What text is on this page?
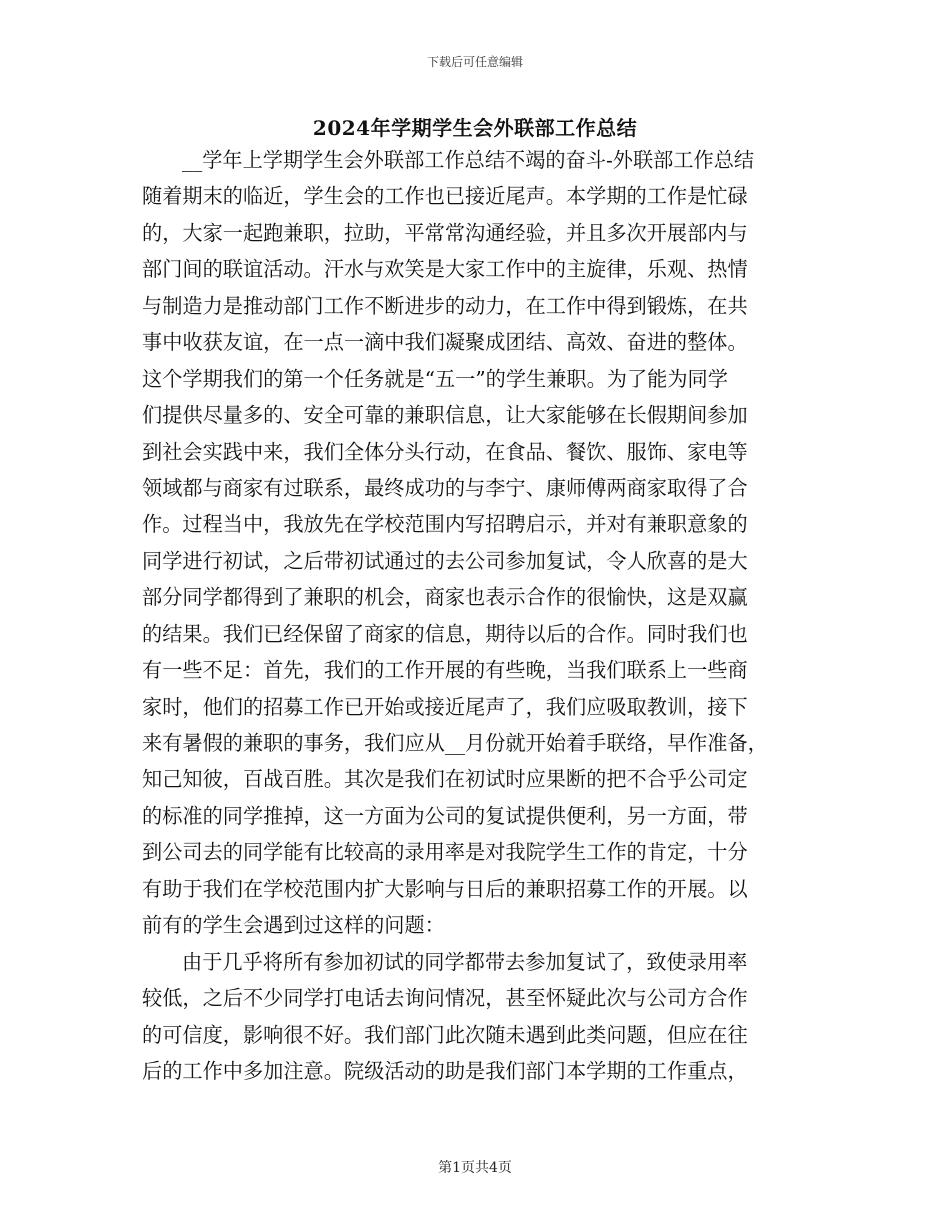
下载后可任意编辑
2024年学期学生会外联部工作总结
__学年上学期学生会外联部工作总结不竭的奋斗-外联部工作总结
随着期末的临近，学生会的工作也已接近尾声。本学期的工作是忙碌
的，大家一起跑兼职，拉助，平常常沟通经验，并且多次开展部内与
部门间的联谊活动。汗水与欢笑是大家工作中的主旋律，乐观、热情
与制造力是推动部门工作不断进步的动力，在工作中得到锻炼，在共
事中收获友谊，在一点一滴中我们凝聚成团结、高效、奋进的整体。
这个学期我们的第一个任务就是“五一”的学生兼职。为了能为同学
们提供尽量多的、安全可靠的兼职信息，让大家能够在长假期间参加
到社会实践中来，我们全体分头行动，在食品、餐饮、服饰、家电等
领域都与商家有过联系，最终成功的与李宁、康师傅两商家取得了合
作。过程当中，我放先在学校范围内写招聘启示，并对有兼职意象的
同学进行初试，之后带初试通过的去公司参加复试，令人欣喜的是大
部分同学都得到了兼职的机会，商家也表示合作的很愉快，这是双赢
的结果。我们已经保留了商家的信息，期待以后的合作。同时我们也
有一些不足：首先，我们的工作开展的有些晚，当我们联系上一些商
家时，他们的招募工作已开始或接近尾声了，我们应吸取教训，接下
来有暑假的兼职的事务，我们应从__月份就开始着手联络，早作准备，
知己知彼，百战百胜。其次是我们在初试时应果断的把不合乎公司定
的标准的同学推掉，这一方面为公司的复试提供便利，另一方面，带
到公司去的同学能有比较高的录用率是对我院学生工作的肯定，十分
有助于我们在学校范围内扩大影响与日后的兼职招募工作的开展。以
前有的学生会遇到过这样的问题：
由于几乎将所有参加初试的同学都带去参加复试了，致使录用率
较低，之后不少同学打电话去询问情况，甚至怀疑此次与公司方合作
的可信度，影响很不好。我们部门此次随未遇到此类问题，但应在往
后的工作中多加注意。院级活动的助是我们部门本学期的工作重点，
第1页共4页
